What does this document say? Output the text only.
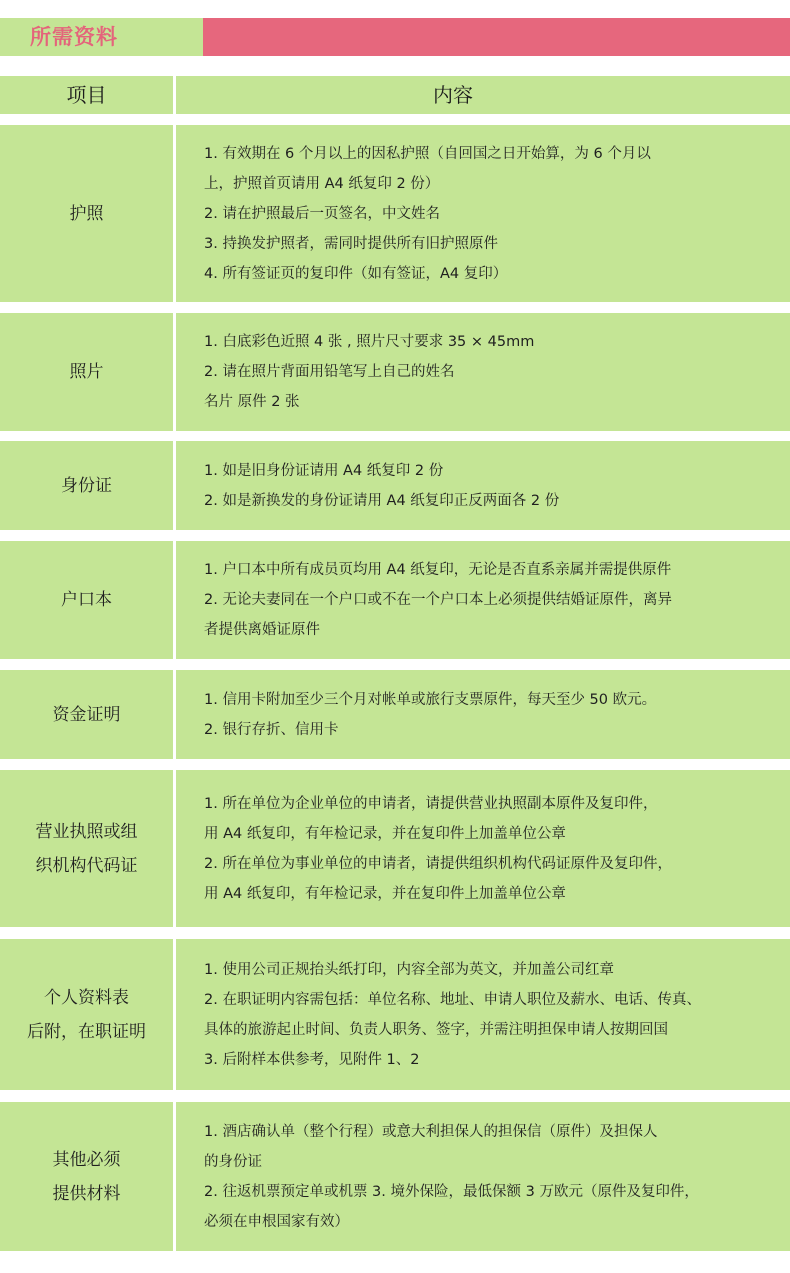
所需资料
项目	内容
护照
1. 有效期在 6 个月以上的因私护照（自回国之日开始算，为 6 个月以
上，护照首页请用 A4 纸复印 2 份）
2. 请在护照最后一页签名，中文姓名
3. 持换发护照者，需同时提供所有旧护照原件
4. 所有签证页的复印件（如有签证，A4 复印）
照片
1. 白底彩色近照 4 张 , 照片尺寸要求 35 × 45mm
2. 请在照片背面用铅笔写上自己的姓名
名片 原件 2 张
身份证
1. 如是旧身份证请用 A4 纸复印 2 份
2. 如是新换发的身份证请用 A4 纸复印正反两面各 2 份
户口本
1. 户口本中所有成员页均用 A4 纸复印，无论是否直系亲属并需提供原件
2. 无论夫妻同在一个户口或不在一个户口本上必须提供结婚证原件，离异
者提供离婚证原件
资金证明
1. 信用卡附加至少三个月对帐单或旅行支票原件，每天至少 50 欧元。
2. 银行存折、信用卡
营业执照或组
织机构代码证
1. 所在单位为企业单位的申请者，请提供营业执照副本原件及复印件，
用 A4 纸复印，有年检记录，并在复印件上加盖单位公章
2. 所在单位为事业单位的申请者，请提供组织机构代码证原件及复印件，
用 A4 纸复印，有年检记录，并在复印件上加盖单位公章
个人资料表
后附，在职证明
1. 使用公司正规抬头纸打印，内容全部为英文，并加盖公司红章
2. 在职证明内容需包括：单位名称、地址、申请人职位及薪水、电话、传真、
具体的旅游起止时间、负责人职务、签字，并需注明担保申请人按期回国
3. 后附样本供参考，见附件 1、2
其他必须
提供材料
1. 酒店确认单（整个行程）或意大利担保人的担保信（原件）及担保人
的身份证
2. 往返机票预定单或机票 3. 境外保险，最低保额 3 万欧元（原件及复印件，
必须在申根国家有效）
